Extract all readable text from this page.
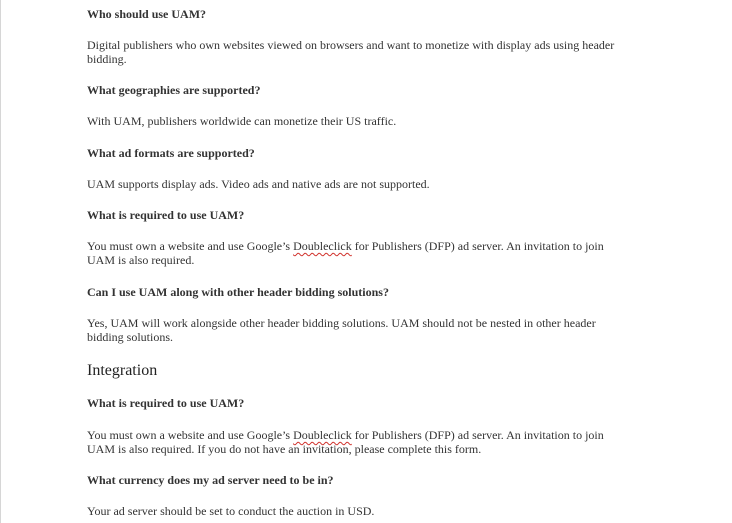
Who should use UAM?

Digital publishers who own websites viewed on browsers and want to monetize with display ads using header

bidding.

What geographies are supported?

With UAM, publishers worldwide can monetize their US traffic.

What ad formats are supported?

UAM supports display ads. Video ads and native ads are not supported.

What is required to use UAM?

You must own a website and use Google’s Doubleclick for Publishers (DFP) ad server. An invitation to join

UAM is also required.

Can I use UAM along with other header bidding solutions?

Yes, UAM will work alongside other header bidding solutions. UAM should not be nested in other header

bidding solutions.

Integration

What is required to use UAM?

You must own a website and use Google’s Doubleclick for Publishers (DFP) ad server. An invitation to join

UAM is also required. If you do not have an invitation, please complete this form.

What currency does my ad server need to be in?

Your ad server should be set to conduct the auction in USD.
